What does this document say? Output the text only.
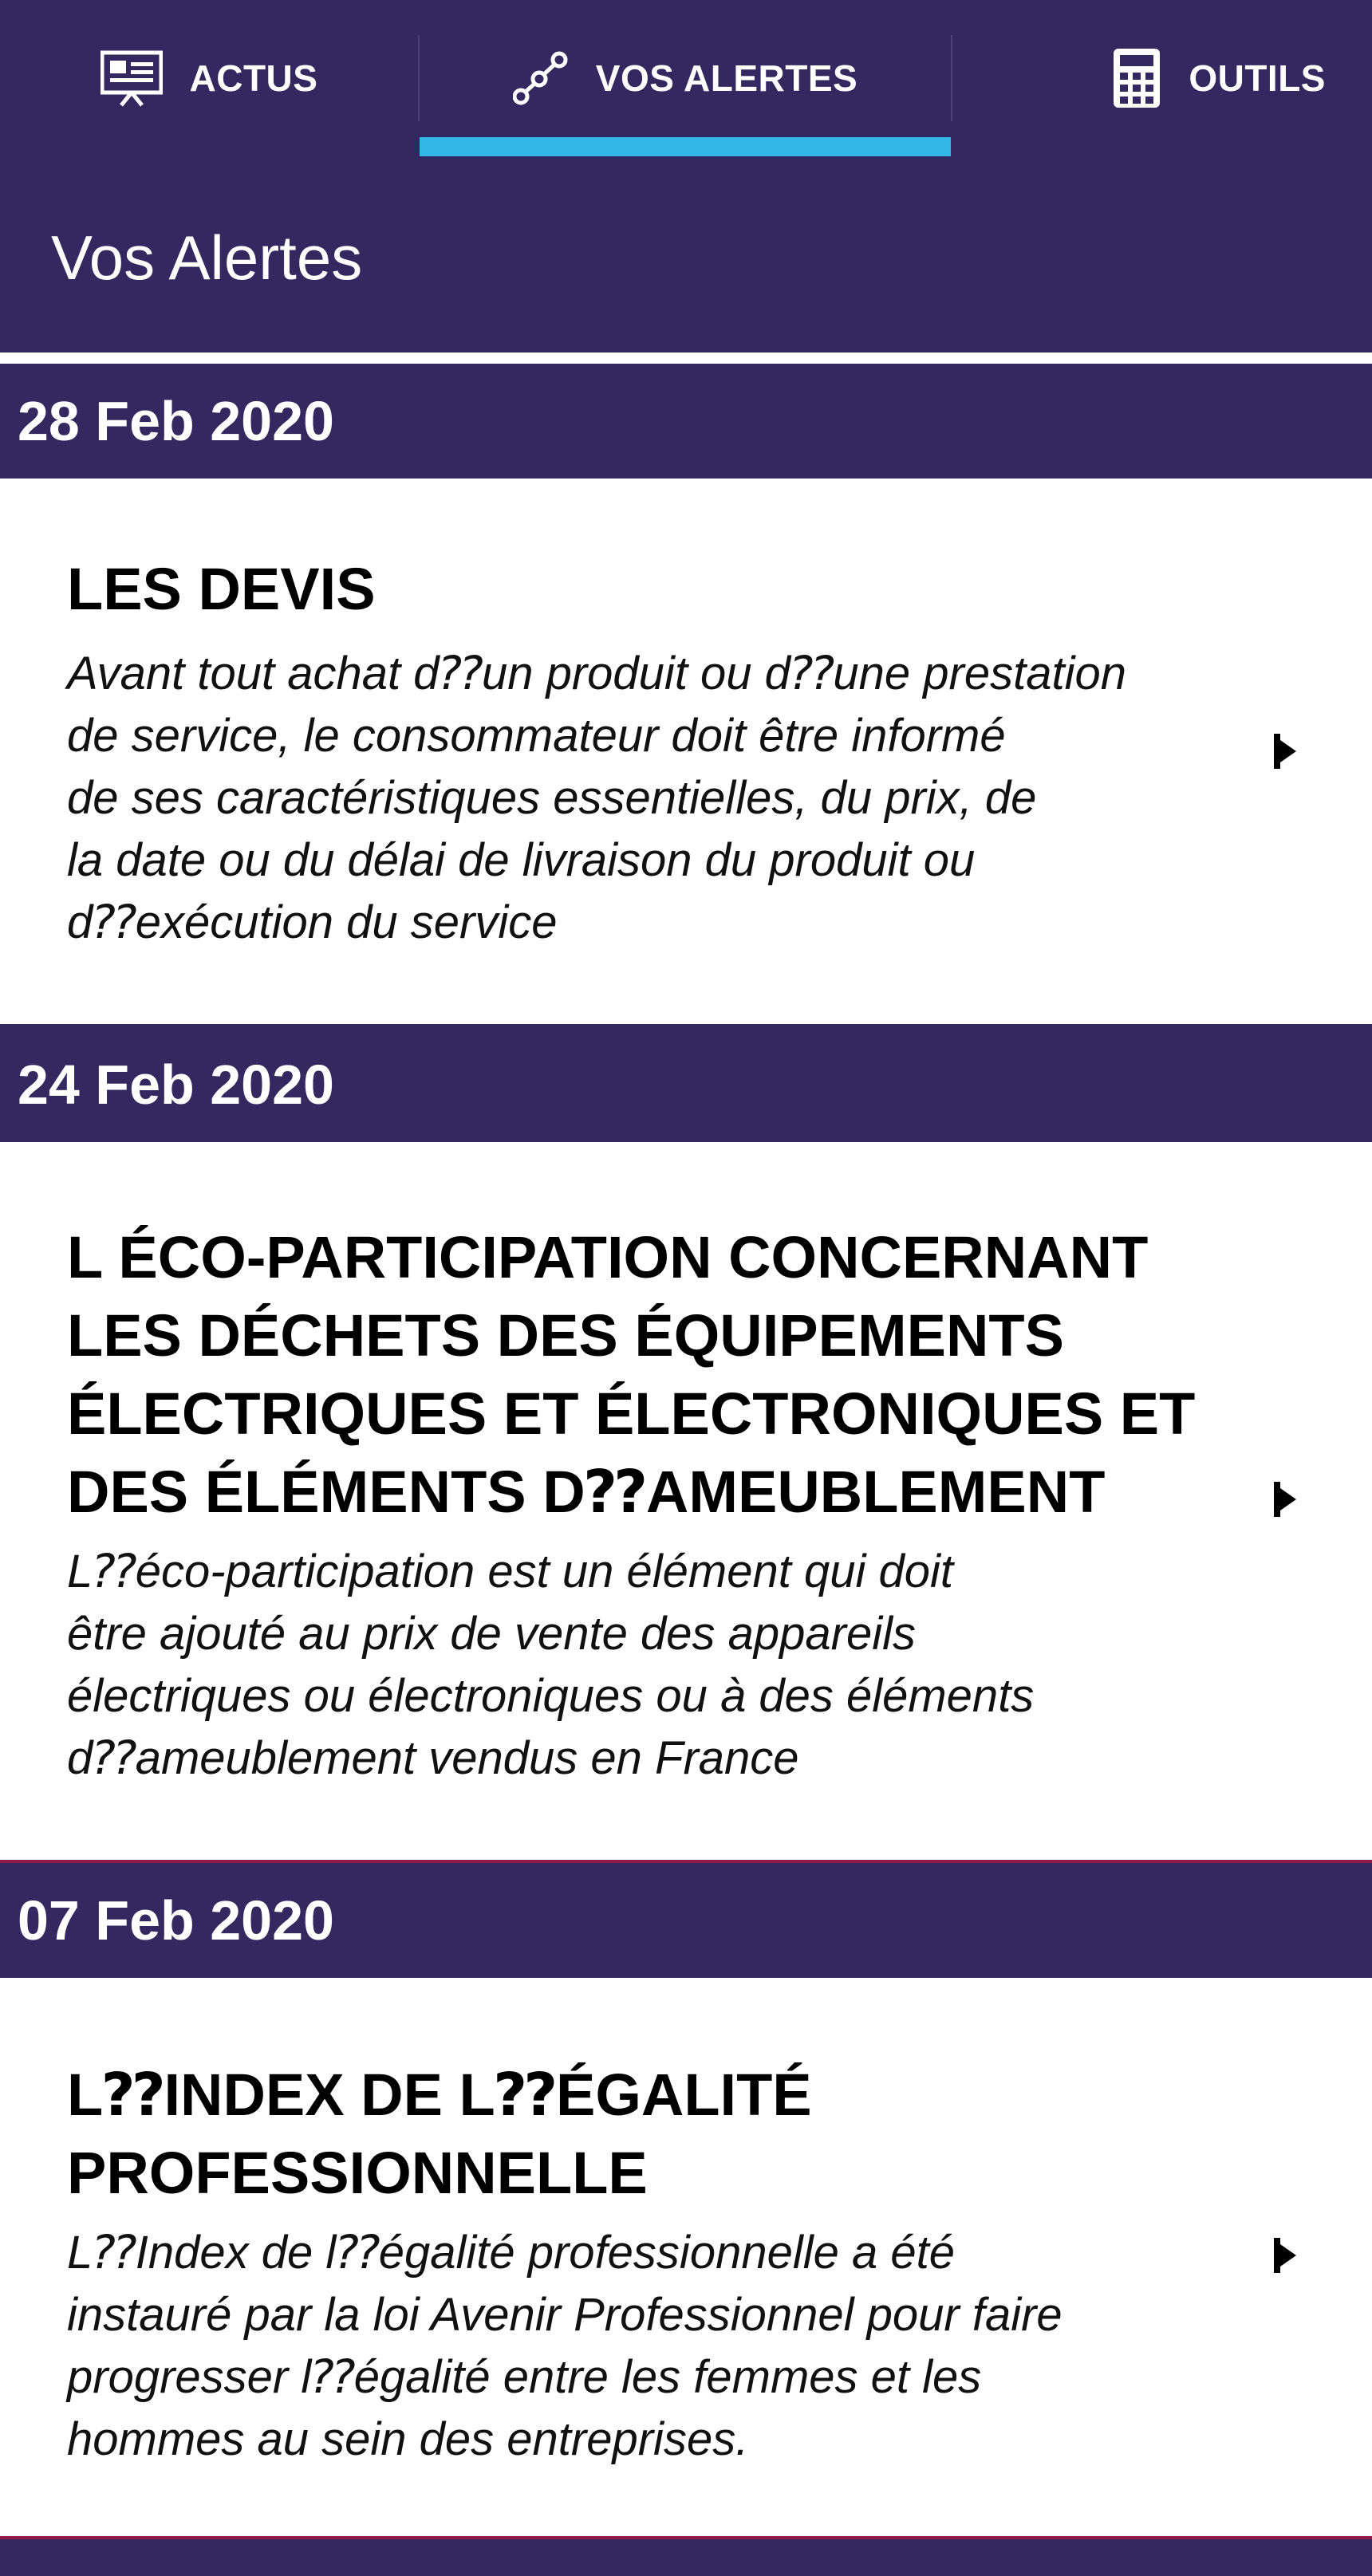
ACTUS	VOS ALERTES	OUTILS
Vos Alertes
28 Feb 2020
LES DEVIS
Avant tout achat d⁇un produit ou d⁇une prestation
de service, le consommateur doit être informé
de ses caractéristiques essentielles, du prix, de
la date ou du délai de livraison du produit ou
d⁇exécution du service
24 Feb 2020
L ÉCO-PARTICIPATION CONCERNANT
LES DÉCHETS DES ÉQUIPEMENTS
ÉLECTRIQUES ET ÉLECTRONIQUES ET
DES ÉLÉMENTS D⁇AMEUBLEMENT
L⁇éco-participation est un élément qui doit
être ajouté au prix de vente des appareils
électriques ou électroniques ou à des éléments
d⁇ameublement vendus en France
07 Feb 2020
L⁇INDEX DE L⁇ÉGALITÉ
PROFESSIONNELLE
L⁇Index de l⁇égalité professionnelle a été
instauré par la loi Avenir Professionnel pour faire
progresser l⁇égalité entre les femmes et les
hommes au sein des entreprises.
